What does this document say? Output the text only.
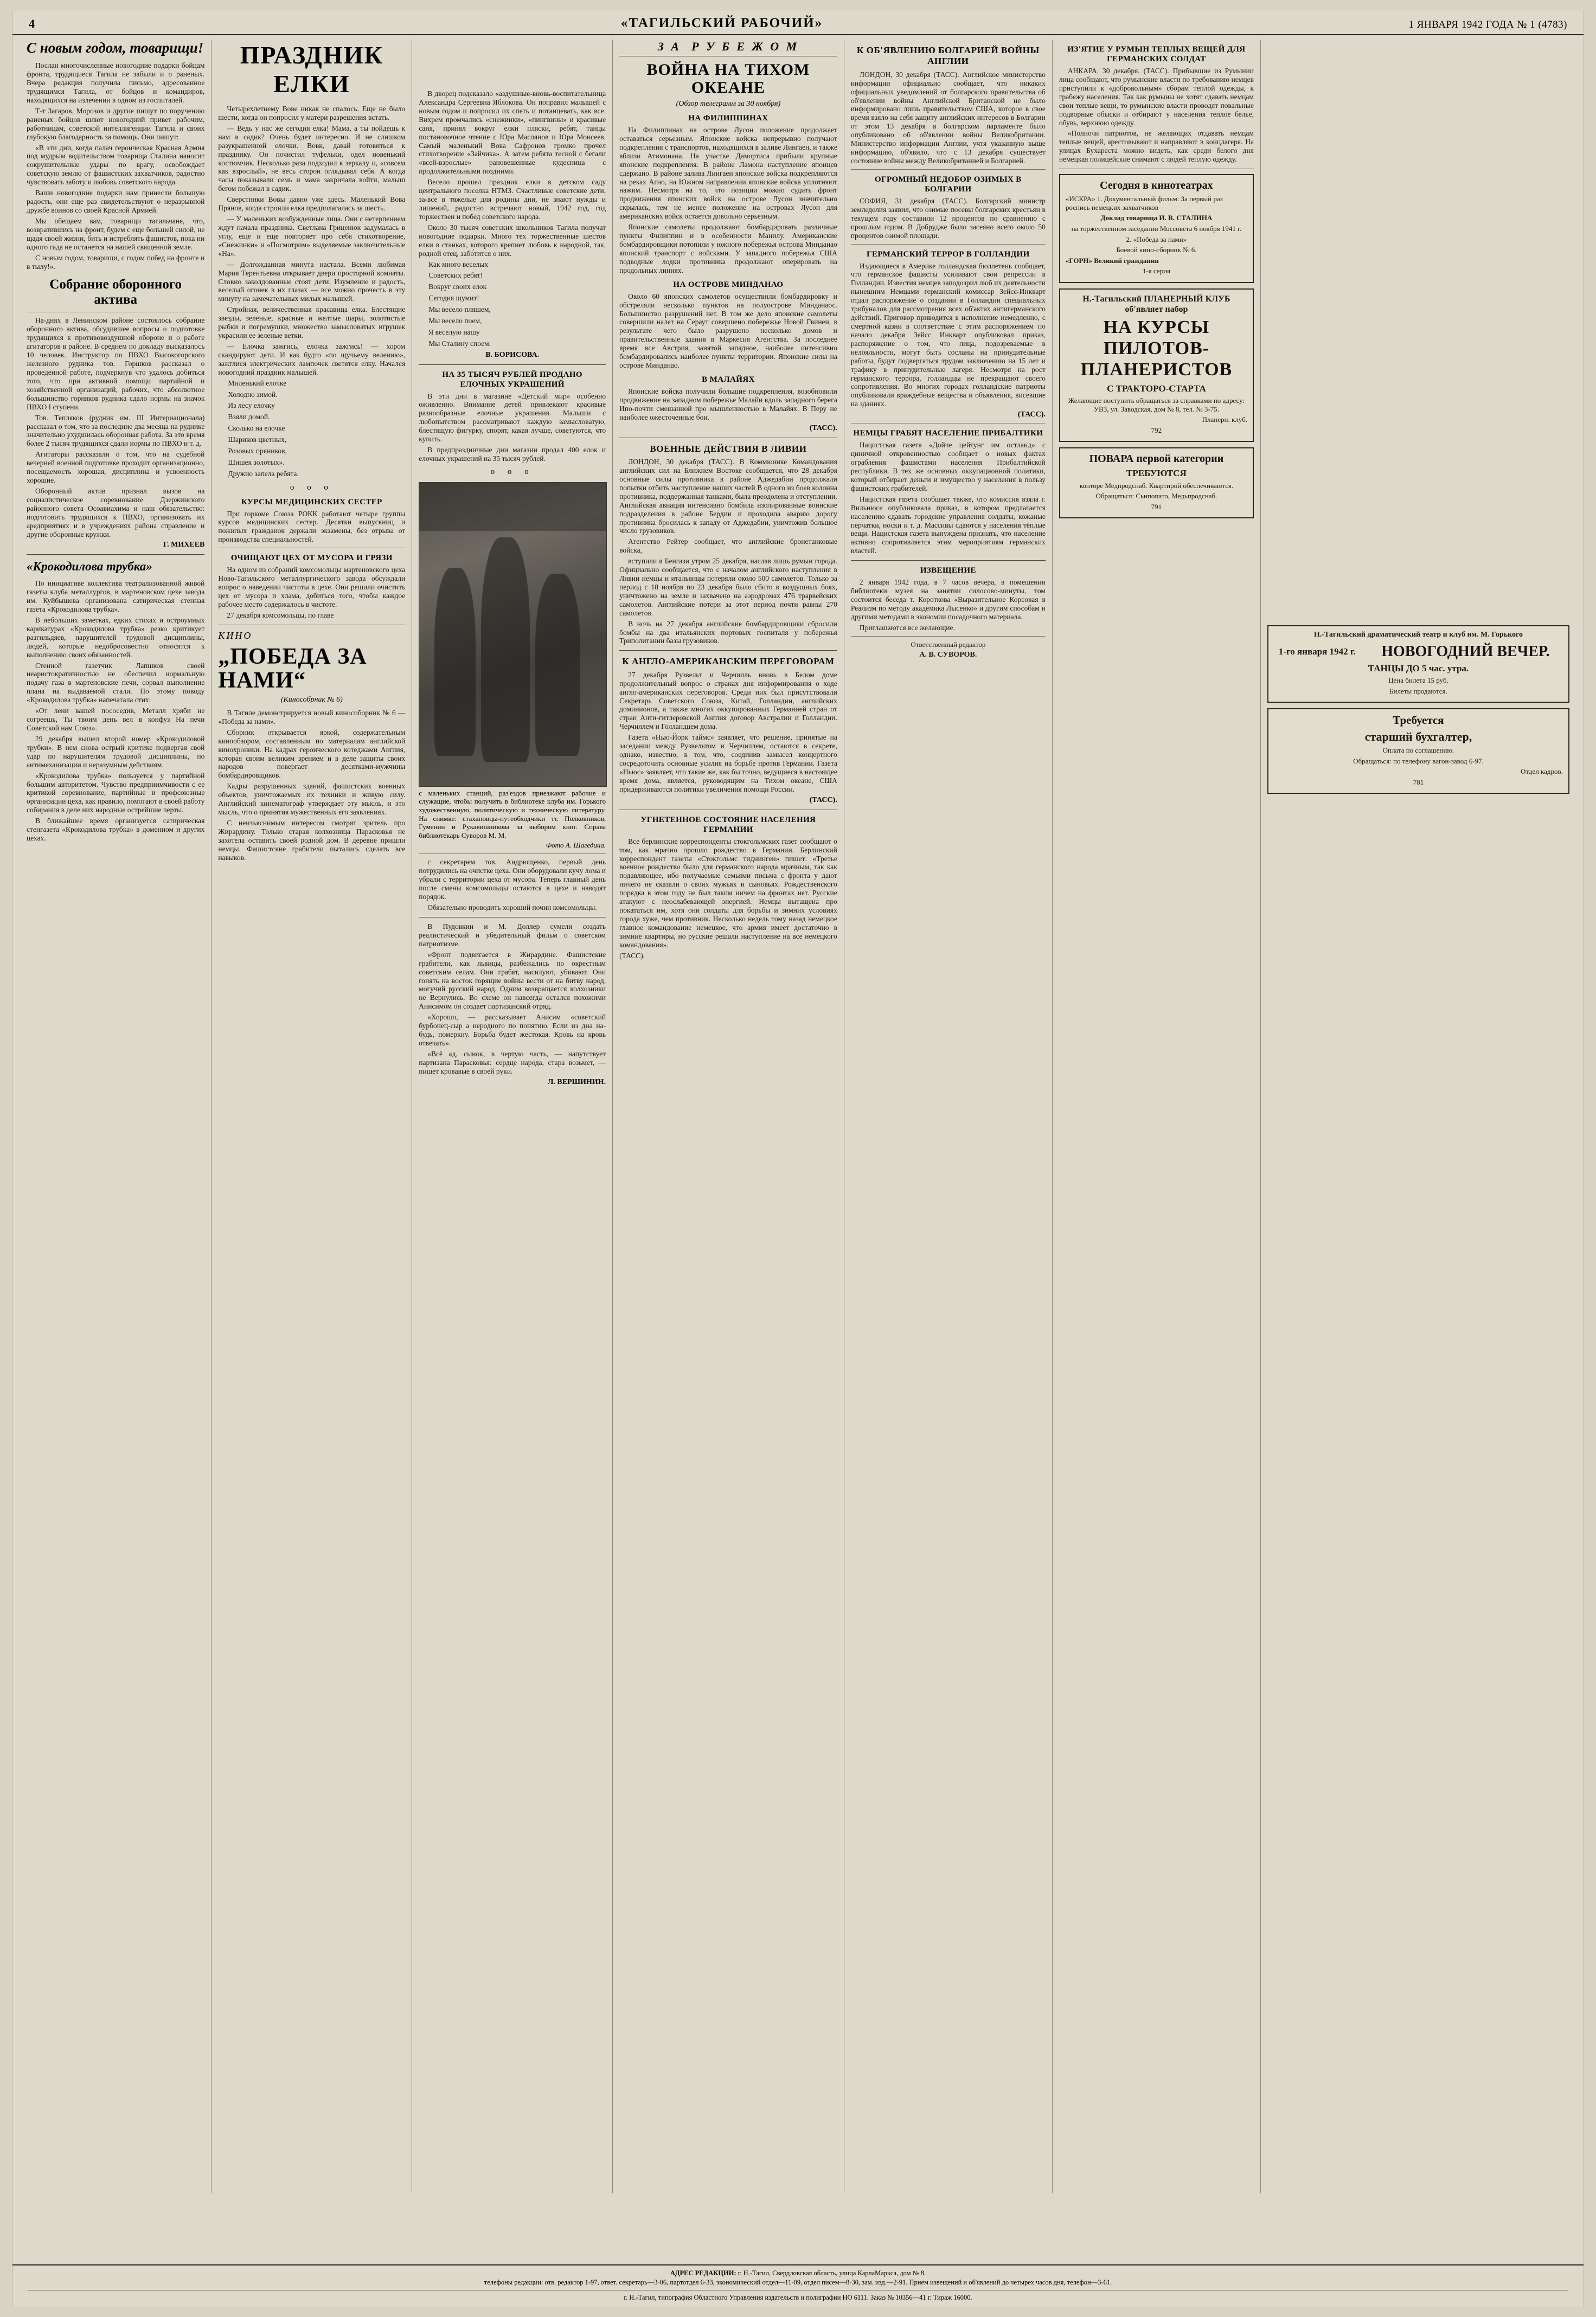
4	«ТАГИЛЬСКИЙ РАБОЧИЙ»	1 ЯНВАРЯ 1942 ГОДА № 1 (4783)
С новым годом, товарищи!

Послан многочисленные новогодние подарки бойцам фронта, трудящиеся Тагила не забыли и о раненых. Вчера редакция получила письмо, адресованное трудящимся Тагила, от бойцов и командиров, находящихся на излечении в одном из госпиталей.

Т-т Загаров, Морозов и другие пишут по поручению раненых бойцов шлют новогодний привет рабочим, работницам, советской интеллигенции Тагила и своих глубокую благодарность за помощь. Они пишут:

«В эти дни, когда палач героическая Красная Армия под мудрым водительством товарища Сталина наносит сокрушительные удары по врагу, освобождает советскую землю от фашистских захватчиков, радостно чувствовать заботу и любовь советского народа.

Ваши новогодние подарки нам принесли большую радость, они еще раз свидетельствуют о неразрывной дружбе воинов со своей Красной Армией.

Мы обещаем вам, товарищи тагильчане, что, возвратившись на фронт, будем с еще большей силой, не щадя своей жизни, бить и истреблять фашистов, пока ни одного гада не останется на нашей священной земле.

С новым годом, товарищи, с годом побед на фронте и в тылу!».

Собрание оборонного актива

На-днях в Ленинском районе состоялось собрание оборонного актива, обсудившее вопросы о подготовке трудящихся к противовоздушной обороне и о работе агитаторов в районе. В среднем по докладу высказалось 10 человек. Инструктор по ПВХО Высокогорского железного рудника тов. Горшков рассказал о проведенной работе, подчеркнув что удалось добиться того, что при активной помощи партийной и хозяйственной организаций, рабочих, что абсолютное большинство горняков рудника сдало нормы на значок ПВХО I ступени.

Тов. Тепляков (рудник им. III Интернационала) рассказал о том, что за последние два месяца на руднике значительно ухудшилась оборонная работа. За это время более 2 тысяч трудящихся сдали нормы по ПВХО и т. д.

Агитаторы рассказали о том, что на судебной вечерней военной подготовке проходит организационно, посещаемость хорошая, дисциплина и усвоенность хорошие.

Оборонный актив признал вызов на социалистическое соревнование Дзержинского районного совета Осоавиахима и наш обязательство: подготовить трудящихся к ПВХО, организовать их аредприятиях и в учреждениях района справление и другие оборонные кружки.

Г. МИХЕЕВ
«Крокодилова трубка»

По инициативе коллектива театрализованной живой газеты клуба металлургов, в мартеновском цехе завода им. Куйбышева организована сатирическая стенная газета «Крокодилова трубка».

В небольших заметках, едких стихах и остроумных карикатурах «Крокодилова трубка» резко критикует разгильдяев, нарушителей трудовой дисциплины, людей, которые недобросовестно относятся к выполнению своих обязанностей.

Стенной газетчик Лапшков своей неаристократичностью не обеспечил нормальную подачу газа в мартеновские печи, сорвал выполнение плана на выдаваемой стали. По этому поводу «Крокодилова трубка» напечатала стих:

«От лени вашей пососедив, Металл хряби не согреешь, Ты твоим день вел в конфуз На печи Советской нам Союз».

29 декабря вышел второй номер «Крокодиловой трубки». В нем снова острый критике подвергая свой удар по нарушителям трудовой дисциплины, по антимеханизации и неразумным действиям.

«Крокодилова трубка» пользуется у партийной большим авторитетом. Чувство предприимчивости с ее критикой соревнование, партийные и профсоюзные организации цеха, как правило, помогают в своей работу собирания в деле них народные острейшие черты.

В ближайшее время организуется сатирическая стенгазета «Крокодилова трубка» в доменном и других цехах.

ПРАЗДНИК ЕЛКИ

Четырехлетнему Вове никак не спалось. Еще не было шести, когда он попросил у матери разрешения встать.

— Ведь у нас же сегодня елка! Мама, а ты пойдешь к нам в садик? Очень будет интересно. И не слишком разукрашенной елочки. Вовк, давай готовиться к празднику. Он почистил туфельки, одел новенький костюмчик. Несколько раза подходил к зеркалу и, «совсем как взрослый», не весь сторон оглядывал себя. А когда часы показывали семь и мама закричала войти, малыш бегом побежал в садик.

Сверстники Вовы давно уже здесь. Маленький Вова Прянов, когда строили елка предполагалась за шесть.

— У маленьких возбужденные лица. Они с нетерпением ждут начала праздника. Светлана Гриценюк задумалась в углу, еще и еще повторяет про себя стихотворение, «Снежинки» и «Посмотрим» выделяемые заключительные «На».

— Долгожданная минута настала. Всеми любимая Мария Терентьевна открывает двери просторной комнаты. Словно заколдованные стоят дети. Изумление и радость, веселый огонек в их глазах — все можно прочесть в эту минуту на замечательных милых малышей.

Стройная, величественная красавица елка. Блестящие звезды, зеленые, красные и желтые шары, золотистые рыбки и погремушки, множество замысловатых игрушек украсили ее зеленые ветки.

— Елочка зажгись, елочка зажгись! — хором скандируют дети. И как будто «по щучьему велению», зажглися электрических лампочек светятся елку. Начался новогодний праздник малышей.

Миленький елочке

Холодно зимой.

Из лесу елочку

Взяли домой.

Сколько на елочке

Шариков цветных,

Розовых пряников,

Шишек золотых».

Дружно запела ребята.

о о о
КУРСЫ МЕДИЦИНСКИХ СЕСТЕР

При горкоме Союза РОКК работают четыре группы курсов медицинских сестер. Десятки выпускниц и пожилых гражданок держали экзамены, без отрыва от производства специальностей.

ОЧИЩАЮТ ЦЕХ ОТ МУСОРА И ГРЯЗИ

На одном из собраний комсомольцы мартеновского цеха Ново-Тагильского металлургического завода обсуждали вопрос о наведении чистоты в цехе. Они решили очистить цех от мусора и хлама, добиться того, чтобы каждое рабочее место содержалось в чистоте.

27 декабря комсомольцы, по главе

КИНО
„ПОБЕДА ЗА НАМИ“
(Кинособрник № 6)

В Тагиле демонстрируется новый кинособорник № 6 — «Победа за нами».

Сборник открывается яркой, содержательным кинообзором, составленным по материалам английской кинохроники. На кадрах героического котеджами Англия, которая своим великим зрением и в деле защиты своих народов повергает десятками-мужчины бомбардировщиков.

Кадры разрушенных зданий, фашистских военных объектов, уничтожаемых их техники и живую силу. Английский кинематограф утверждает эту мысль, и это мысль, что о принятия мужественных его заявлениях.

С неизъяснимым интересом смотрят зритель про Жирардину. Только старая колхозница Парасковья не захотела оставить своей родной дом. В деревне пришли немцы. Фашистские грабители пытались сделать все навыков.

В дворец подсказало «аздушные-вновь-воспитательница Александра Сергеевна Яблокова. Он поправил малышей с новым годом и попросил их спеть и потанцевать, как все. Вихрем промчались «снежинки», «пингвины» и красивые саня, принял вокруг елки пляски, ребят, танцы постановочное чтение с Юра Маслянов и Юра Моисеев. Самый маленький Вова Сафронов громко прочел стихотворение «Зайчика». А затем ребята тесной с бегали «всей-взрослые» рановешенные кудесница с продолжительными поздними.

Весело прошел праздник елки в детском саду центрального поселка НТМЗ. Счастливые советские дети, за-все в тяжелые для родины дни, не знают нужды и лишений, радостно встречают новый, 1942 год, год торжествен и побед советского народа.

Около 30 тысяч советских школьников Тагила получат новогодние подарки. Много тех торжественные шестов елки в станках, которого крепнет любовь к народной, так, родной отец, забо́тится о них.

Как много веселых

Советских ребят!

Вокруг своих елок

Сегодня шумит!

Мы весело пляшем,

Мы весело поем,

Я веселую нашу

Мы Сталину споем.

В. БОРИСОВА.
НА 35 ТЫСЯЧ РУБЛЕЙ ПРОДАНО ЕЛОЧНЫХ УКРАШЕНИЙ

В эти дни в магазине «Детский мир» особенно оживленно. Внимание детей привлекают красивые разнообразные елочные украшения. Малыши с любопытством рассматривают каждую замысловатую, блестящую фигурку, спорят, какая лучше, советуются, что купить.

В предпраздничные дни магазин продал 400 елок и елочных украшений на 35 тысяч рублей.

о о о
с маленьких станций, раз'ездов приезжают рабочие и служащие, чтобы получить в библиотеке клуба им. Горького художественную, политическую и техническую литературу. На снимке: стахановцы-путеобходчики тт. Полковников, Гуменин и Рукавишникова за выбором книг. Справа библиотекарь Суворов М. М.
Фото А. Шагедина.

с секретарем тов. Андрющенко, первый день потрудились на очистке цеха. Они оборудовали кучу лома и убрали с территории цеха от мусора. Теперь главный день после смены комсомольцы остаются в цехе и наводят порядок.

Обязательно проводить хороший почин комсомольцы.

В Пудовкин и М. Доллер сумели создать реалистический и убедительный фильм о советском патриотизме.

«Фронт подвигается в Жирардине. Фашистские грабители, как львицы, разбежались по окрестным советским селам. Они грабят, насилуют, убивают. Они гонять на восток горящие войны вести от на битву народ, могучий русский народ. Одним возвращается колхозники не Вернулись. Во схеме он навсегда остался похожими Анисимом он создает партизанский отряд.

«Хорошо, — рассказывает Анисим «советский бурбонец-сыр а неродного по понятию. Если из дна на-будь, померкну. Борьба будет жестокая. Кровь на кровь отвечать».

«Всё ад, сынок, в чертую часть, — напутствует партизана Парасковья: сердце народа, стара возьмет, — пишет кровавые в своей руки.

Л. ВЕРШИНИН.
З А  Р У Б Е Ж О М
ВОЙНА НА ТИХОМ ОКЕАНЕ
(Обзор телеграмм за 30 ноября)
НА ФИЛИППИНАХ

На Филиппинах на острове Лусон положение продолжает оставаться серьезным. Японские войска непрерывно получают подкрепления с транспортов, находящихся в заливе Лингаен, и также вблизи Атимонана. На участке Дамортиса прибыли крупные японские подкрепления. В районе Ламона наступление японцев сдержано. В районе залива Лингаен японские войска подкрепляются на реках Агно, на Южном направлении японские войска уплотняют нажим. Несмотря на то, что позиции можно судить фронт продвижения японских войск на острове Лусон значительно скрылась, тем не менее положение на островах Лусон для американских войск остается довольно серьезным.

Японские самолеты продолжают бомбардировать различные пункты Филиппин и в особенности Манилу. Американские бомбардировщики потопили у южного побережья острова Минданао японский транспорт с войсками. У западного побережья США подводные лодки противника продолжают оперировать на продольных линиях.

НА ОСТРОВЕ МИНДАНАО

Около 60 японских самолетов осуществили бомбардировку и обстреляли несколько пунктов на полуострове Минданаос. Большинство разрушений нет. В том же дело японские самолеты совершили налет на Сераут совершено побережье Новой Гвинеи, в результате чего было разрушено несколько домов и правительственные здания в Маркесия Агентства. За последнее время все Австрия, занятой западное, наиболее интенсивно бомбардировались наиболее пункты территории. Японские силы на острове Минданао.

В МАЛАЙЯХ

Японские войска получили большие подкрепления, возобновили продвижение на западном побережье Малайи вдоль западного берега Ипо-почти смешанной про мышленностью в Малайях. В Перу не наиболее ожесточенные бои.

(ТАСС).
ВОЕННЫЕ ДЕЙСТВИЯ В ЛИВИИ

ЛОНДОН, 30 декабря (ТАСС). В Коммюнике Командования английских сил на Ближнем Востоке сообщается, что 28 декабря основные силы противника в районе Аджедабии продолжали попытки отбить наступление наших частей В одного из боев колонна противника, поддержанная танками, была преодолена и отступлении. Английская авиация интенсивно бомбила изолированные воинские подразделения в районе Бердии и проходила аварию дорогу противника бросилась к западу от Аджедабии, уничтожив большое число грузовиков.

Агентство Рейтер сообщает, что английские бронетанковые войска,

вступили в Бенгази утром 25 декабря, наслав лишь румын города. Официально сообщается, что с началом английского наступления в Ливии немцы и итальянцы потеряли около 500 самолетов. Только за период с 18 ноября по 23 декабря было сбито в воздушных боях, уничтожено на земле и захвачено на аэродромах 476 трарвейских самолетов. Английские потери за этот период почти равны 270 самолетов.

В ночь на 27 декабря английские бомбардировщики сбросили бомбы на два итальянских портовых госпиталя у побережья Триполитании базы грузовиков.

К АНГЛО-АМЕРИКАНСКИМ ПЕРЕГОВОРАМ

27 декабря Рузвельт и Черчилль вновь в Белом доме продолжительный вопрос о странах дня информирования о ходе англо-американских переговоров. Среди них был присутствовали Секретарь Советского Союза, Китай, Голландии, английских доминионов, а также многих оккупированных Германией стран от стран Анти-гитлеровской Англия договор Австралии и Голландии. Черчиллем и Голландцем дома.

Газета «Нью-Йорк таймс» заявляет, что решение, принятые на заседании между Рузвельтом и Черчиллем, остаются в секрете, однако, известно, в том, что, соединив замысел концертного сосредоточить основные усилия на борьбе против Германии. Газета «Ньюс» заявляет, что такие же, как бы точно, ведущиеся в настоящее время дома, является, руководящим на Тихом океане, США придерживаются политики увеличения помощи России.

(ТАСС).
УГНЕТЕННОЕ СОСТОЯНИЕ НАСЕЛЕНИЯ ГЕРМАНИИ

Все берлинские корреспонденты стокгольмских газет сообщают о том, как мрачно прошло рождество в Германии. Берлинский корреспондент газеты «Стокгольмс тиднинген» пишет: «Третье военное рождество было для германского народа мрачным, так как подавляющее, ибо получаемые семьями письма с фронта у дают ничего не сказали о своих мужьях и сыновьях. Рождественского порядка в этом году не был таким ничем на фронтах нет. Русские атакуют с неослабевающей энергией. Немцы вытащена про покататься им, хотя они солдаты для борьбы и зимних условиях города хуже, чем противник. Несколько недель тому назад немецкое главное командование немецкое, что армия имеет достаточно в зимние квартиры, но русские решали наступление на все немецкого командования».

(ТАСС).

К ОБ'ЯВЛЕНИЮ БОЛГАРИЕЙ ВОЙНЫ АНГЛИИ

ЛОНДОН, 30 декабря (ТАСС). Английское министерство информации официально сообщает, что никаких официальных уведомлений от болгарского правительства об об'явлении войны Английской Британской не было информировано лишь правительством США, которое в свое время взяло на себя защиту английских интересов в Болгарии от этом 13 декабря в болгарском парламенте было опубликовано об об'явлении войны Великобритании. Министерство информации Англии, учтя указанную выше информацию, об'явило, что с 13 декабря существует состояние войны между Великобританией и Болгарией.

ОГРОМНЫЙ НЕДОБОР ОЗИМЫХ В БОЛГАРИИ

СОФИЯ, 31 декабря (ТАСС). Болгарский министр земледелия заявил, что озимые посевы болгарских крестьян в текущем году составили 12 процентов по сравнению с прошлым годом. В Добрудже было засеяно всего около 50 процентов озимой площади.

ГЕРМАНСКИЙ ТЕРРОР В ГОЛЛАНДИИ

Издающиеся в Америке голландская бюллетень сообщает, что германское фашисты усиливают свои репрессии в Голландии. Известия немцев заподозрил люб их деятельности нынешним Немцами германский комиссар Зейсс-Инкварт отдал распоряжение о создании в Голландии специальных трибуналов для рассмотрения всех об'актах антигерманского действий. Приговор приводится в исполнение немедленно, с смертной казни в соответствие с этим распоряжением по начало декабря Зейсс Инкварт опубликовал приказ, распоряжение о том, что лица, подозреваемые в нелояльности, могут быть сосланы на принудительные работы, будут подвергаться трудом заключению на 15 лет и трафику в принудительные лагеря. Несмотря на рост германского террора, голландцы не прекращают своего сопротивления. Во многих городах голландские патриоты опубликовали враждебные вещества и объявления, висевшие на зданиях.

(ТАСС).
НЕМЦЫ ГРАБЯТ НАСЕЛЕНИЕ ПРИБАЛТИКИ

Нацистская газета «Дойче цейтунг им остланд» с циничной откровенностью сообщает о новых фактах ограбления фашистами населения Прибалтийской республики. В тех же основных оккупационной политики, который отбирает деньги и имущество у населения в пользу фашистских грабителей.

Нацистская газета сообщает также, что комиссия взяла г. Вильнюсе опубликовала приказ, в котором предлагается населению сдавать городские управления солдаты, кожаные перчатки, носки и т. д. Массивы сдаются у населения тёплые вещи. Нацистская газета вынуждена признать, что население активно сопротивляется этим мероприятиям германских властей.

ИЗВЕЩЕНИЕ

2 января 1942 года, в 7 часов вечера, в помещении библиотеки музея на занятии силосово-минуты, том состоится беседа т. Короткова «Выразительное Корсовая в Реализм по методу академика Лысенко» и другим способам и другими методами в экономии посадочного материала.

Приглашаются все желающие.

Ответственный редактор

А. В. СУВОРОВ.

ИЗ'ЯТИЕ У РУМЫН ТЕПЛЫХ ВЕЩЕЙ ДЛЯ ГЕРМАНСКИХ СОЛДАТ

АНКАРА, 30 декабря. (ТАСС). Прибывшие из Румынии лица сообщают, что румынские власти по требованию немцев приступили к «добровольным» сборам теплой одежды, к грабежу населения. Так как румыны не хотят сдавать немцам свои теплые вещи, то румынские власти проводят повальные подворные обыски и отбирают у населения теплое белье, обувь, верхнюю одежду.

«Полночи патриотов, не желающих отдавать немцам теплые вещей, арестовывают и направляют в концлагеря. На улицах Бухареста можно видеть, как среди белого дня немецкая полицейские снимают с людей теплую одежду.

Сегодня в кинотеатрах

«ИСКРА» 1. Документальный фильм: За первый раз роспись немецких захватчиков

Доклад товарища И. В. СТАЛИНА

на торжественном заседании Моссовета 6 ноября 1941 г.

2. «Победа за нами»

Боевой кино-сборник № 6.

«ГОРН» Великий гражданин

1-я серия

Н.-Тагильский ПЛАНЕРНЫЙ КЛУБ об'являет набор

НА КУРСЫ ПИЛОТОВ-ПЛАНЕРИСТОВ

С ТРАКТОРО-СТАРТА

Желающие поступить обращаться за справками по адресу: УВЗ, ул. Заводская, дом № 8, тел. № 3-75.

Планерн. клуб.

792

ПОВАРА первой категории

ТРЕБУЮТСЯ

конторе Медпродснаб. Квартирой обеспечиваются.

Обращаться: Сьнпопато, Медьпродснаб.

791

Н.-Тагильский драматический театр и клуб им. М. Горького

1-го января 1942 г.	НОВОГОДНИЙ ВЕЧЕР.

ТАНЦЫ ДО 5 час. утра.

Цена билета 15 руб.

Билеты продаются.

Требуется

старший бухгалтер,

Оплата по соглашению.

Обращаться: по телефону вагон-завод 6-97.

Отдел кадров.

781

АДРЕС РЕДАКЦИИ: г. Н.-Тагил, Свердловская область, улица КарлаМаркса, дом № 8.
телефоны редакции: отв. редактор 1-97, ответ. секретарь—3-06, партотдел 6-33, экономический отдел—11-09, отдел писем—8-30, зам. изд.—2-91. Прием извещений и об'явлений до четырех часов дня, телефон—3-61.
г. Н.-Тагил, типография Областного Управления издательств и полиграфии НО 6111. Заказ № 10356—41 г. Тираж 16000.
